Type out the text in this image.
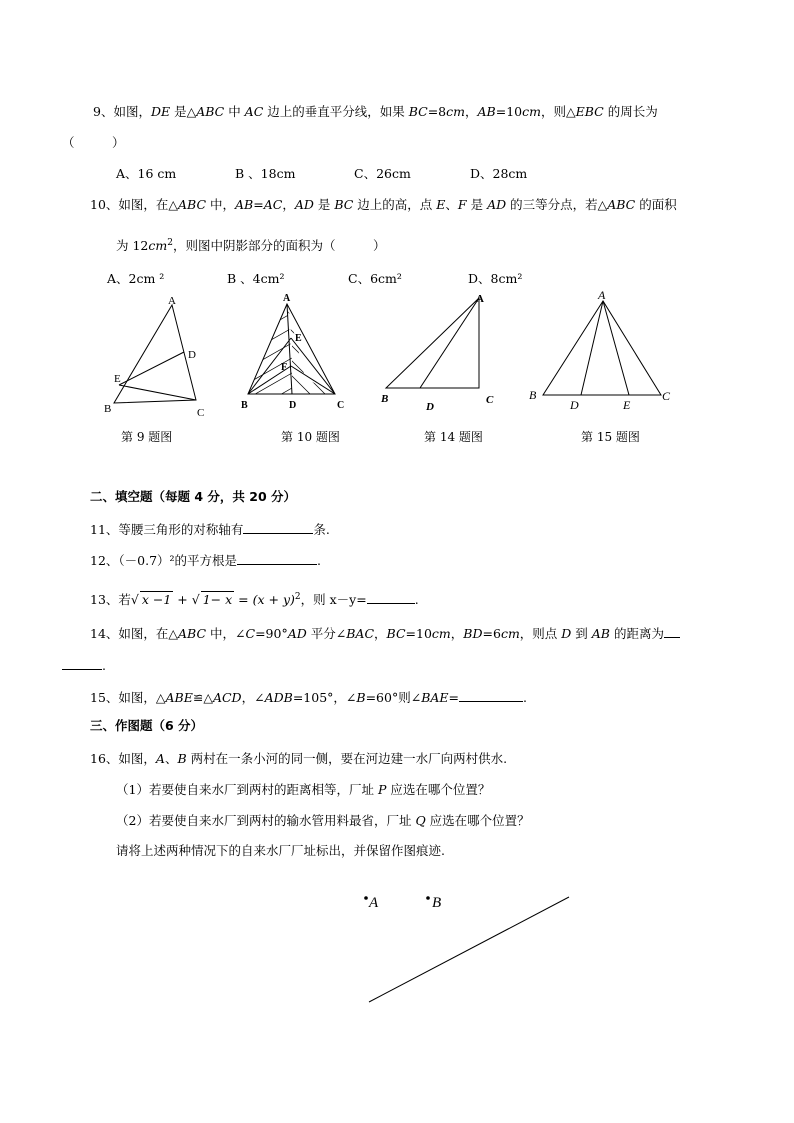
9、如图，DE 是△ABC 中 AC 边上的垂直平分线，如果 BC=8cm，AB=10cm，则△EBC 的周长为
（　　　）
A、16 cm	B 、18cm	C、26cm	D、28cm
10、如图，在△ABC 中，AB=AC，AD 是 BC 边上的高，点 E、F 是 AD 的三等分点，若△ABC 的面积
为 $12cm^2$，则图中阴影部分的面积为（　　　）
A、2cm ²	B 、4cm²	C、6cm²	D、8cm²
A
D
E
B	C
第 9 题图
A
E
F
B	D	C
第 10 题图
A
B
D
C
第 14 题图
A
B
D	E
C
第 15 题图
二、填空题（每题 4 分，共 20 分）
11、等腰三角形的对称轴有	条.
12、（－0.7）²的平方根是	.
13、若√ x −1 + √ $1- x = (x + y)^2$，则 x－y=	.
14、如图，在△ABC 中，∠C=90°AD 平分∠BAC，BC=10cm，BD=6cm，则点 D 到 AB 的距离为
.
15、如图，△ABE≌△ACD，∠ADB=105°，∠B=60°则∠BAE=	.
三、作图题（6 分）
16、如图，A、B 两村在一条小河的同一侧，要在河边建一水厂向两村供水.
（1）若要使自来水厂到两村的距离相等，厂址 P 应选在哪个位置？
（2）若要使自来水厂到两村的输水管用料最省，厂址 Q 应选在哪个位置？
请将上述两种情况下的自来水厂厂址标出，并保留作图痕迹.
A	B
